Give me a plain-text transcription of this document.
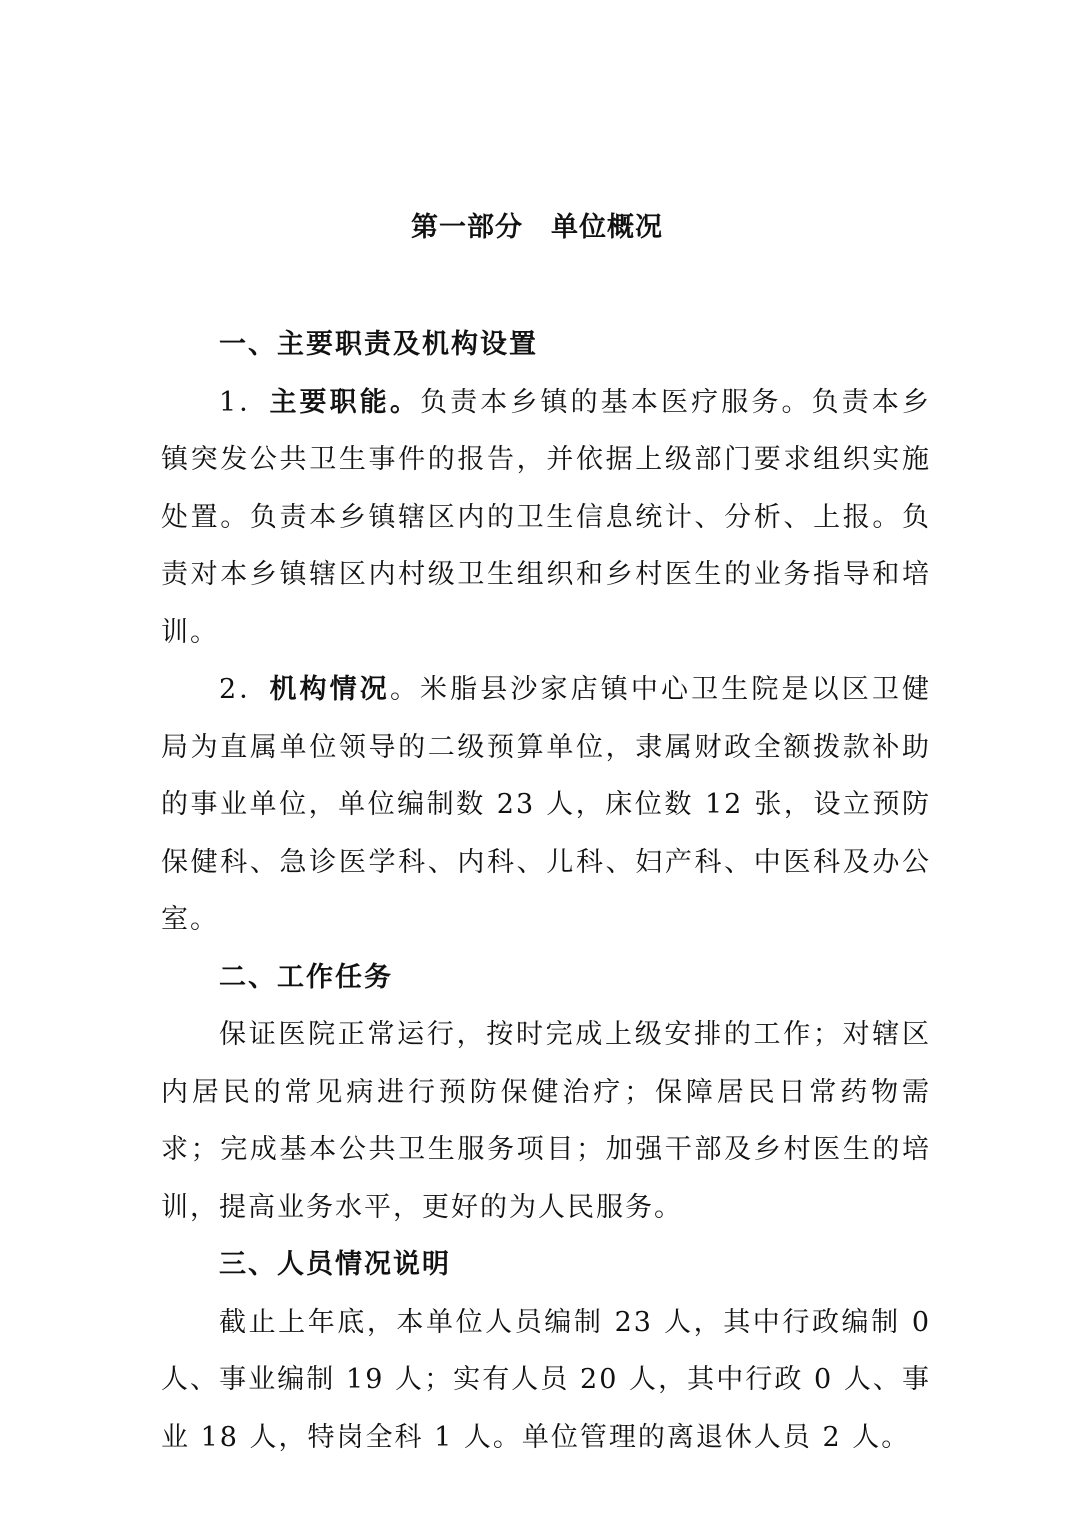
第一部分　单位概况

一、主要职责及机构设置

1．主要职能。负责本乡镇的基本医疗服务。负责本乡镇突发公共卫生事件的报告，并依据上级部门要求组织实施处置。负责本乡镇辖区内的卫生信息统计、分析、上报。负责对本乡镇辖区内村级卫生组织和乡村医生的业务指导和培训。

2．机构情况。米脂县沙家店镇中心卫生院是以区卫健局为直属单位领导的二级预算单位，隶属财政全额拨款补助的事业单位，单位编制数 23 人，床位数 12 张，设立预防保健科、急诊医学科、内科、儿科、妇产科、中医科及办公室。

二、工作任务

保证医院正常运行，按时完成上级安排的工作；对辖区内居民的常见病进行预防保健治疗；保障居民日常药物需求；完成基本公共卫生服务项目；加强干部及乡村医生的培训，提高业务水平，更好的为人民服务。

三、人员情况说明

截止上年底，本单位人员编制 23 人，其中行政编制 0 人、事业编制 19 人；实有人员 20 人，其中行政 0 人、事业 18 人，特岗全科 1 人。单位管理的离退休人员 2 人。
